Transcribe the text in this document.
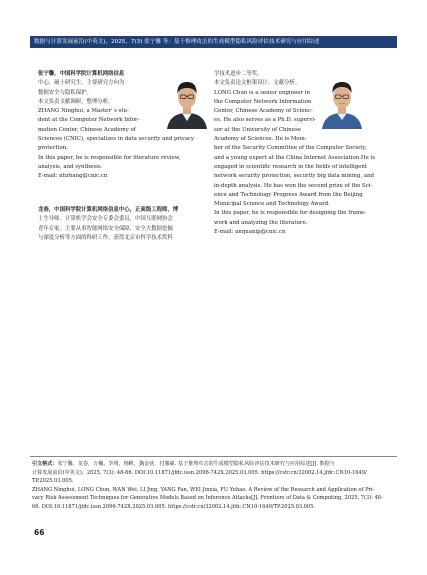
数据与计算发展前沿(中英文)，2025，7(3) 张宁馨 等：基于推理攻击的生成模型隐私风险评估技术研究与应用综述

张宁馨，中国科学院计算机网络信息

中心，硕士研究生，主要研究方向为

数据安全与隐私保护。

本文负责文献调研，整理分析。

ZHANG Ninghui, a Master' s stu-

dent at the Computer Network Infor-

mation Center, Chinese Academy of

Sciences (CNIC), specializes in data security and privacy

protection.

In this paper, he is responsible for literature review,

analysis, and synthesis.

E-mail: nhzhang@cnic.cn

龙春，中国科学院计算机网络信息中心，正高级工程师，博

士生导师。计算机学会安全专委会委员，中国互联网协会

青年专家。主要从事智能网络安全保障、安全大数据挖掘

与深度分析等方面的科研工作，获得北京市科学技术奖科

学技术进步二等奖。

本文负责论文框架设计、文献分析。

LONG Chun is a senior engineer in

the Computer Network Information

Center, Chinese Academy of Scienc-

es. He also serves as a Ph.D. supervi-

sor at the University of Chinese

Academy of Sciences. He is Mem-

ber of the Security Committee of the Computer Society,

and a young expert at the China Internet Association.He is

engaged in scientific research in the fields of intelligent

network security protection, security big data mining, and

in-depth analysis. He has won the second prize of the Sci-

ence and Technology Progress Award from the Beijing

Municipal Science and Technology Award.

In this paper, he is responsible for designing the frame-

work and analyzing the literature.

E-mail: anquanip@cnic.cn

引文格式：张宁馨，龙春，万巍，李靖，杨帆，魏金侠，付豫豪. 基于推理攻击的生成模型隐私风险评估技术研究与应用综述[J]. 数据与

计算发展前沿(中英文)，2025, 7(3): 48-66. DOI:10.11871/jfdc.issn.2096-742X.2025.03.005. https://cstr.cn/32002.14.jfdc.CN10-1649/

TP.2025.03.005.

ZHANG Ninghui, LONG Chun, WAN Wei, LI Jing, YANG Fan, WEI Jinxia, FU Yuhao. A Review of the Research and Application of Pri-

vacy Risk Assessment Techniques for Generative Models Based on Inference Attacks[J]. Frontiers of Data & Computing, 2025, 7(3): 48-

66. DOI:10.11871/jfdc.issn.2096-742X.2025.03.005. https://cstr.cn/32002.14.jfdc.CN10-1649/TP.2025.03.005.

66
